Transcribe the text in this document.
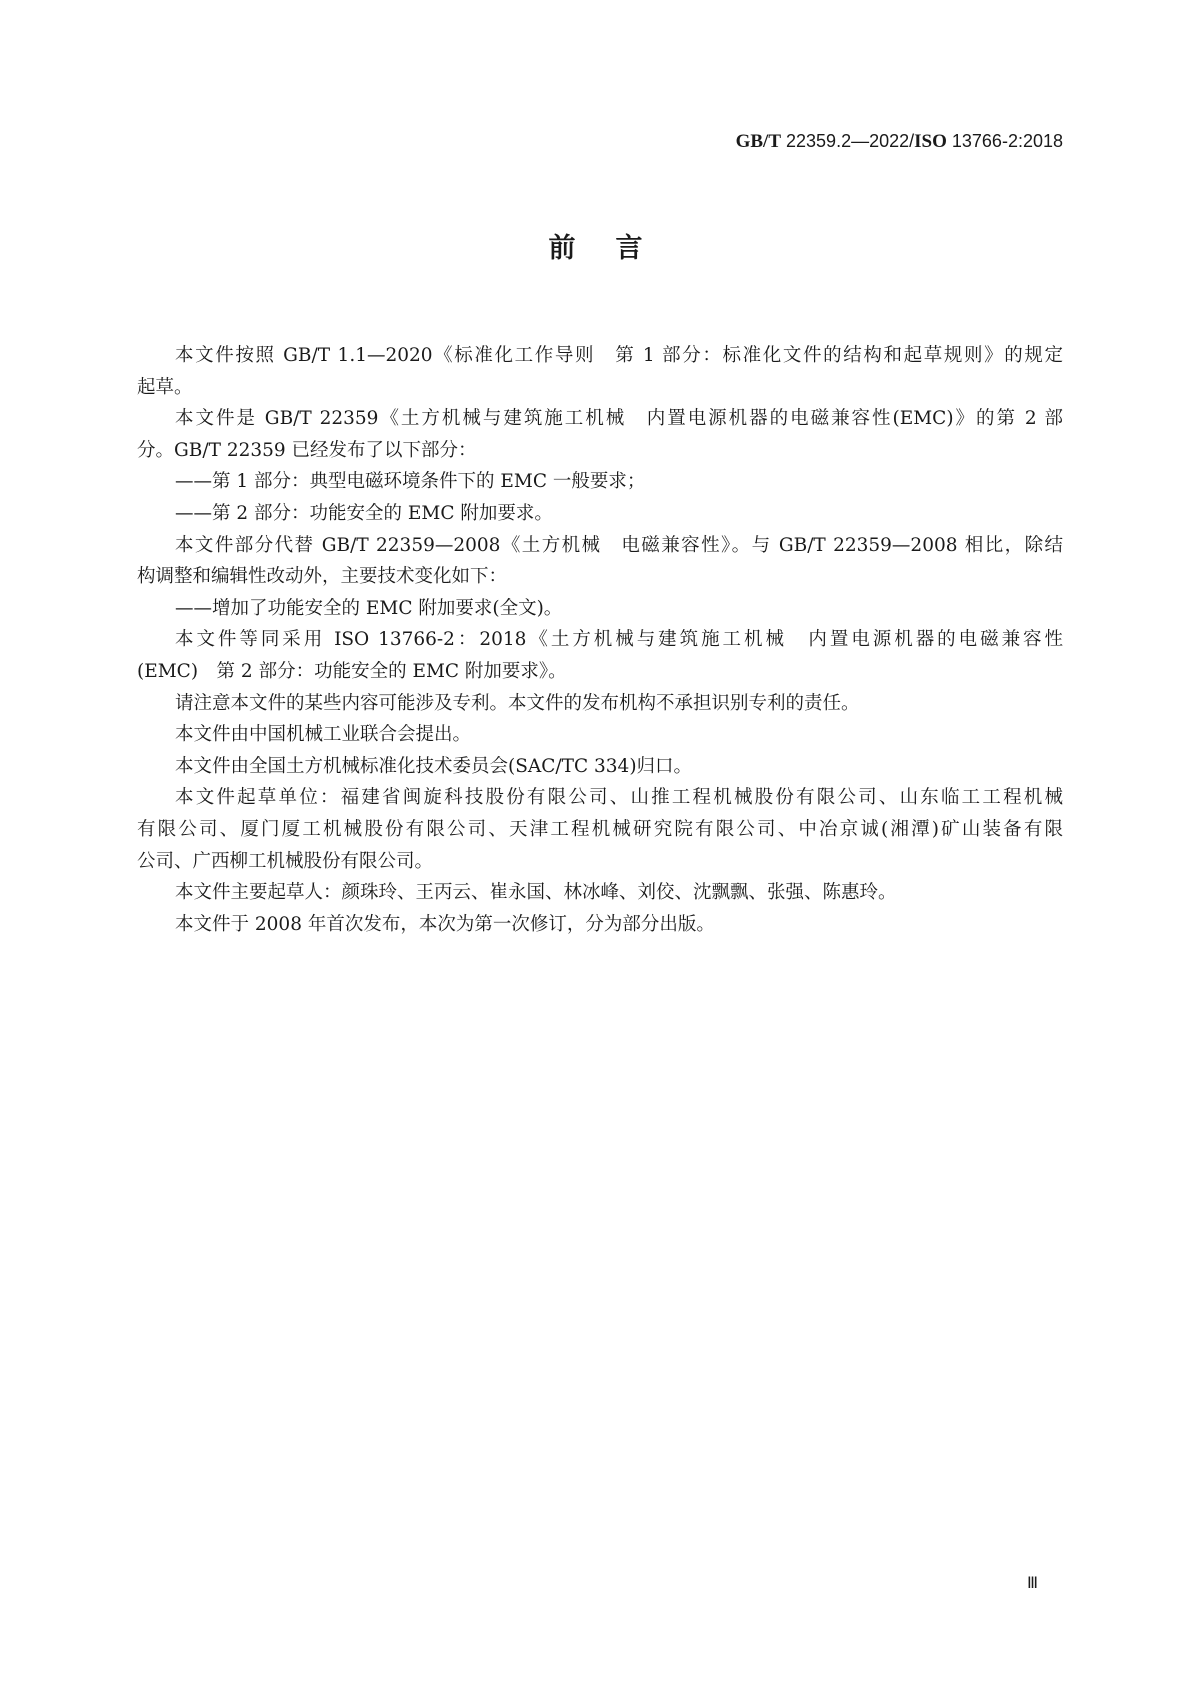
GB/T 22359.2—2022/ISO 13766-2:2018
前言
本文件按照 GB/T 1.1—2020《标准化工作导则　第 1 部分：标准化文件的结构和起草规则》的规定
起草。
本文件是 GB/T 22359《土方机械与建筑施工机械　内置电源机器的电磁兼容性(EMC)》的第 2 部
分。GB/T 22359 已经发布了以下部分：
——第 1 部分：典型电磁环境条件下的 EMC 一般要求；
——第 2 部分：功能安全的 EMC 附加要求。
本文件部分代替 GB/T 22359—2008《土方机械　电磁兼容性》。与 GB/T 22359—2008 相比，除结
构调整和编辑性改动外，主要技术变化如下：
——增加了功能安全的 EMC 附加要求(全文)。
本文件等同采用 ISO 13766-2：2018《土方机械与建筑施工机械　内置电源机器的电磁兼容性
(EMC)　第 2 部分：功能安全的 EMC 附加要求》。
请注意本文件的某些内容可能涉及专利。本文件的发布机构不承担识别专利的责任。
本文件由中国机械工业联合会提出。
本文件由全国土方机械标准化技术委员会(SAC/TC 334)归口。
本文件起草单位：福建省闽旋科技股份有限公司、山推工程机械股份有限公司、山东临工工程机械
有限公司、厦门厦工机械股份有限公司、天津工程机械研究院有限公司、中冶京诚(湘潭)矿山装备有限
公司、广西柳工机械股份有限公司。
本文件主要起草人：颜珠玲、王丙云、崔永国、林冰峰、刘佼、沈飘飘、张强、陈惠玲。
本文件于 2008 年首次发布，本次为第一次修订，分为部分出版。
Ⅲ
